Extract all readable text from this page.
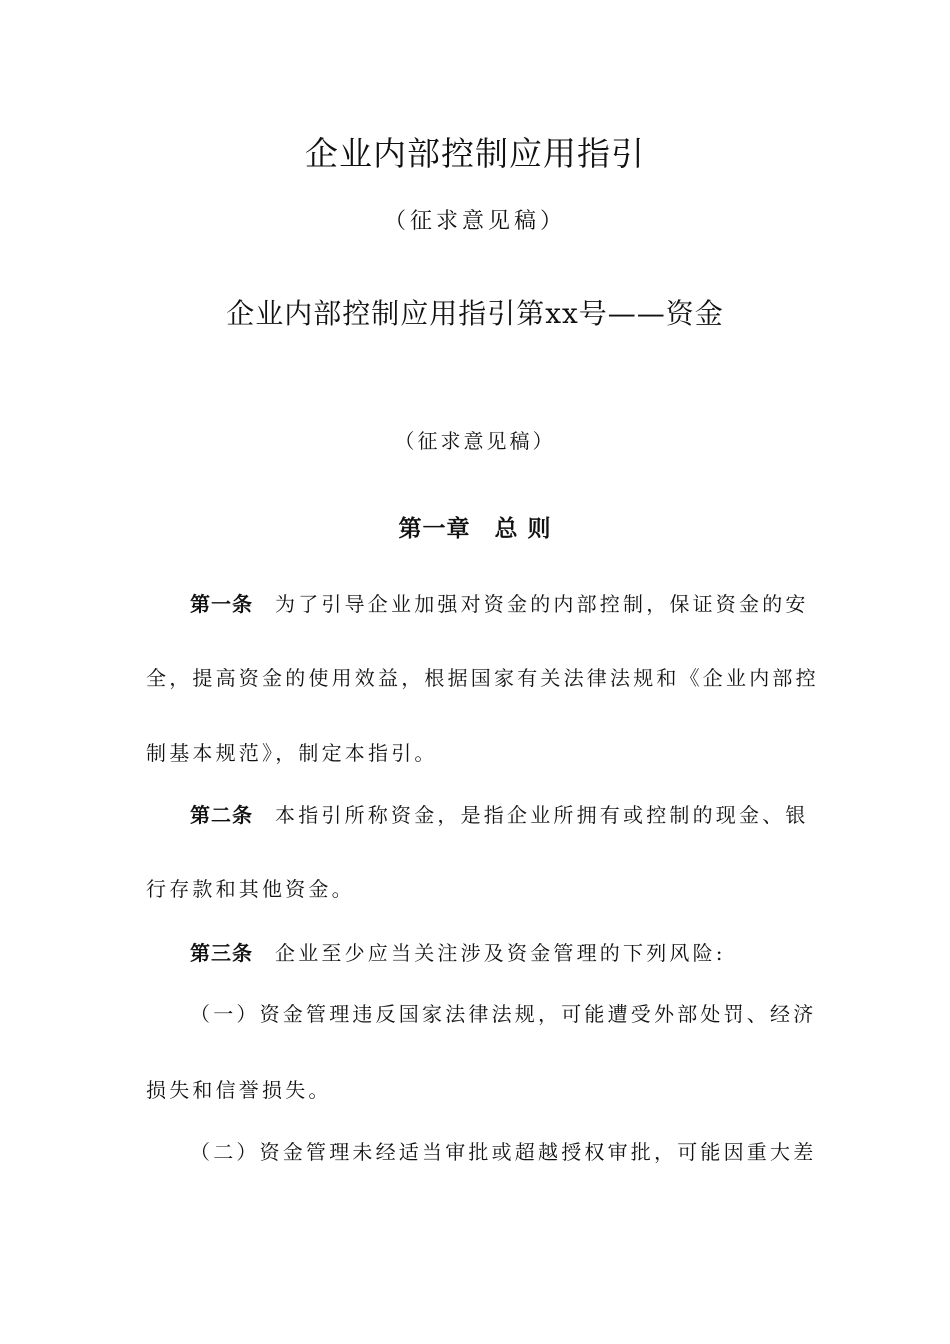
企业内部控制应用指引
（征求意见稿）
企业内部控制应用指引第xx号——资金
（征求意见稿）
第一章　总 则
第一条 为了引导企业加强对资金的内部控制，保证资金的安
全，提高资金的使用效益，根据国家有关法律法规和《企业内部控
制基本规范》，制定本指引。
第二条 本指引所称资金，是指企业所拥有或控制的现金、银
行存款和其他资金。
第三条 企业至少应当关注涉及资金管理的下列风险:
（一）资金管理违反国家法律法规，可能遭受外部处罚、经济
损失和信誉损失。
（二）资金管理未经适当审批或超越授权审批，可能因重大差
